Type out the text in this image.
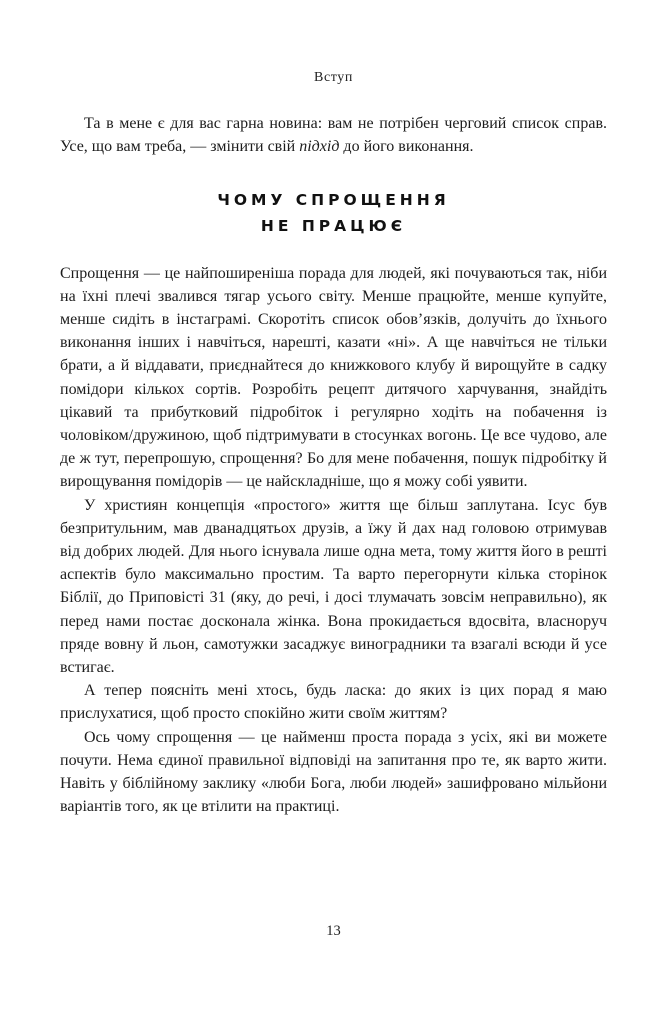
Вступ

Та в мене є для вас гарна новина: вам не потрібен черговий список справ. Усе, що вам треба, — змінити свій підхід до його виконання.

ЧОМУ СПРОЩЕННЯ
НЕ ПРАЦЮЄ

Спрощення — це найпоширеніша порада для людей, які почуваються так, ніби на їхні плечі звалився тягар усього світу. Менше працюйте, менше купуйте, менше сидіть в інстаграмі. Скоротіть список обов’язків, долучіть до їхнього виконання інших і навчіться, нарешті, казати «ні». А ще навчіться не тільки брати, а й віддавати, приєднайтеся до книжкового клубу й вирощуйте в садку помідори кількох сортів. Розробіть рецепт дитячого харчування, знайдіть цікавий та прибутковий підробіток і регулярно ходіть на побачення із чоловіком/дружиною, щоб підтримувати в стосунках вогонь. Це все чудово, але де ж тут, перепрошую, спрощення? Бо для мене побачення, пошук підробітку й вирощування помідорів — це найскладніше, що я можу собі уявити.

У християн концепція «простого» життя ще більш заплутана. Ісус був безпритульним, мав дванадцятьох друзів, а їжу й дах над головою отримував від добрих людей. Для нього існувала лише одна мета, тому життя його в решті аспектів було максимально простим. Та варто перегорнути кілька сторінок Біблії, до Приповісті 31 (яку, до речі, і досі тлумачать зовсім неправильно), як перед нами постає досконала жінка. Вона прокидається вдосвіта, власноруч пряде вовну й льон, самотужки засаджує виноградники та взагалі всюди й усе встигає.

А тепер поясніть мені хтось, будь ласка: до яких із цих порад я маю прислухатися, щоб просто спокійно жити своїм життям?

Ось чому спрощення — це найменш проста порада з усіх, які ви можете почути. Нема єдиної правильної відповіді на запитання про те, як варто жити. Навіть у біблійному заклику «люби Бога, люби людей» зашифровано мільйони варіантів того, як це втілити на практиці.

13
